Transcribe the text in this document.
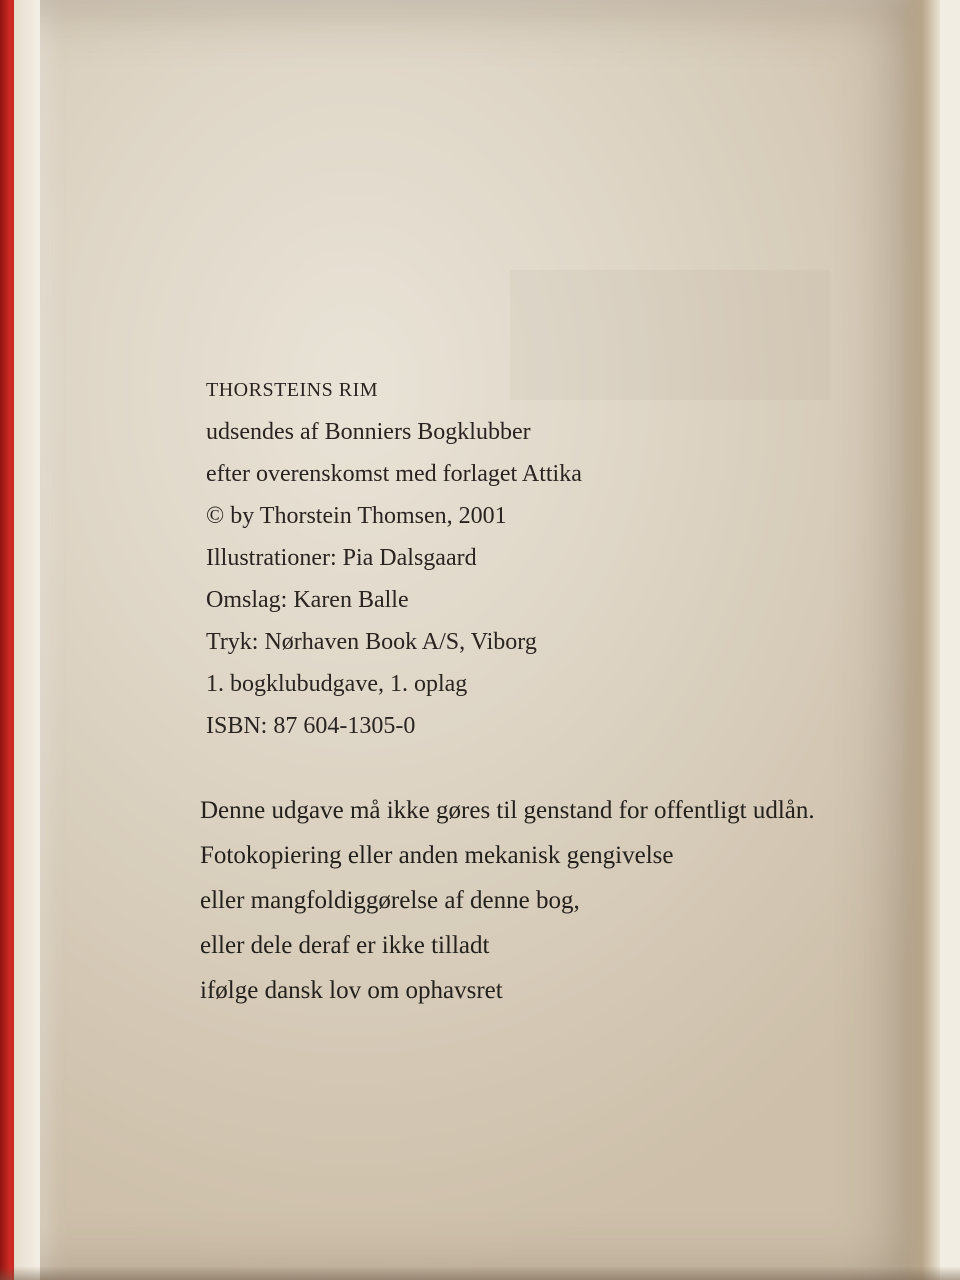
THORSTEINS RIM
udsendes af Bonniers Bogklubber
efter overenskomst med forlaget Attika
© by Thorstein Thomsen, 2001
Illustrationer: Pia Dalsgaard
Omslag: Karen Balle
Tryk: Nørhaven Book A/S, Viborg
1. bogklubudgave, 1. oplag
ISBN: 87 604-1305-0
Denne udgave må ikke gøres til genstand for offentligt udlån.
Fotokopiering eller anden mekanisk gengivelse
eller mangfoldiggørelse af denne bog,
eller dele deraf er ikke tilladt
ifølge dansk lov om ophavsret
